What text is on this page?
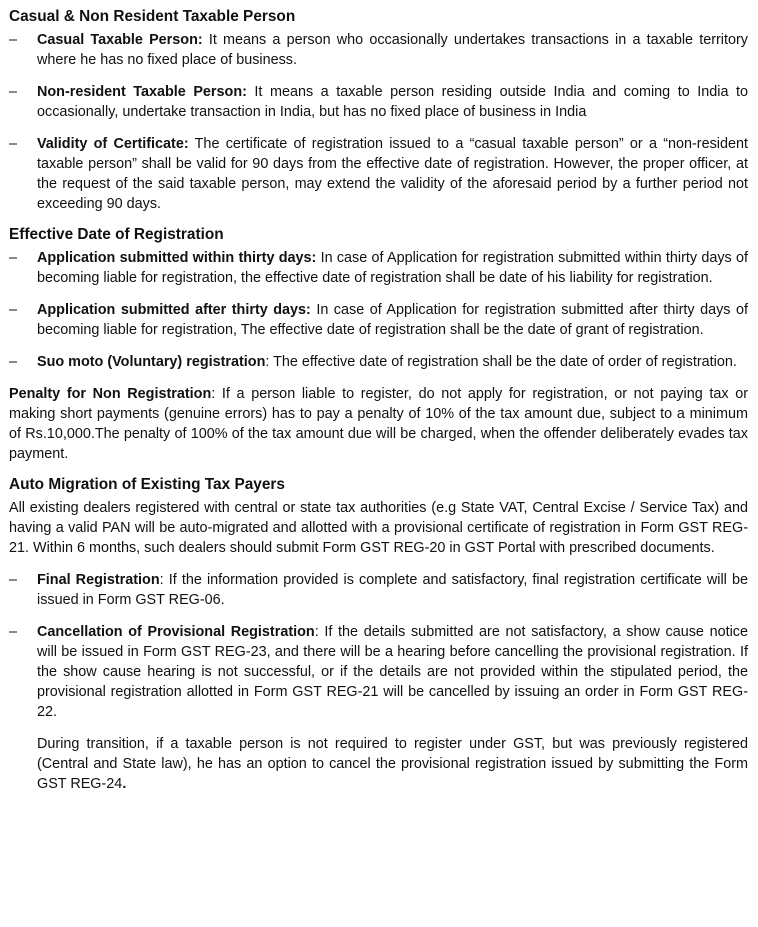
Casual & Non Resident Taxable Person
–	Casual Taxable Person: It means a person who occasionally undertakes transactions in a taxable territory where he has no fixed place of business.

–	Non-resident Taxable Person: It means a taxable person residing outside India and coming to India to occasionally, undertake transaction in India, but has no fixed place of business in India

–	Validity of Certificate: The certificate of registration issued to a “casual taxable person” or a “non-resident taxable person” shall be valid for 90 days from the effective date of registration. However, the proper officer, at the request of the said taxable person, may extend the validity of the aforesaid period by a further period not exceeding 90 days.

Effective Date of Registration
–	Application submitted within thirty days: In case of Application for registration submitted within thirty days of becoming liable for registration, the effective date of registration shall be date of his liability for registration.

–	Application submitted after thirty days: In case of Application for registration submitted after thirty days of becoming liable for registration, The effective date of registration shall be the date of grant of registration.

–	Suo moto (Voluntary) registration: The effective date of registration shall be the date of order of registration.

Penalty for Non Registration: If a person liable to register, do not apply for registration, or not paying tax or making short payments (genuine errors) has to pay a penalty of 10% of the tax amount due, subject to a minimum of Rs.10,000.The penalty of 100% of the tax amount due will be charged, when the offender deliberately evades tax payment.

Auto Migration of Existing Tax Payers

All existing dealers registered with central or state tax authorities (e.g State VAT, Central Excise / Service Tax) and having a valid PAN will be auto-migrated and allotted with a provisional certificate of registration in Form GST REG-21. Within 6 months, such dealers should submit Form GST REG-20 in GST Portal with prescribed documents.

–	Final Registration: If the information provided is complete and satisfactory, final registration certificate will be issued in Form GST REG-06.

–	Cancellation of Provisional Registration: If the details submitted are not satisfactory, a show cause notice will be issued in Form GST REG-23, and there will be a hearing before cancelling the provisional registration. If the show cause hearing is not successful, or if the details are not provided within the stipulated period, the provisional registration allotted in Form GST REG-21 will be cancelled by issuing an order in Form GST REG-22.

During transition, if a taxable person is not required to register under GST, but was previously registered (Central and State law), he has an option to cancel the provisional registration issued by submitting the Form GST REG-24.
